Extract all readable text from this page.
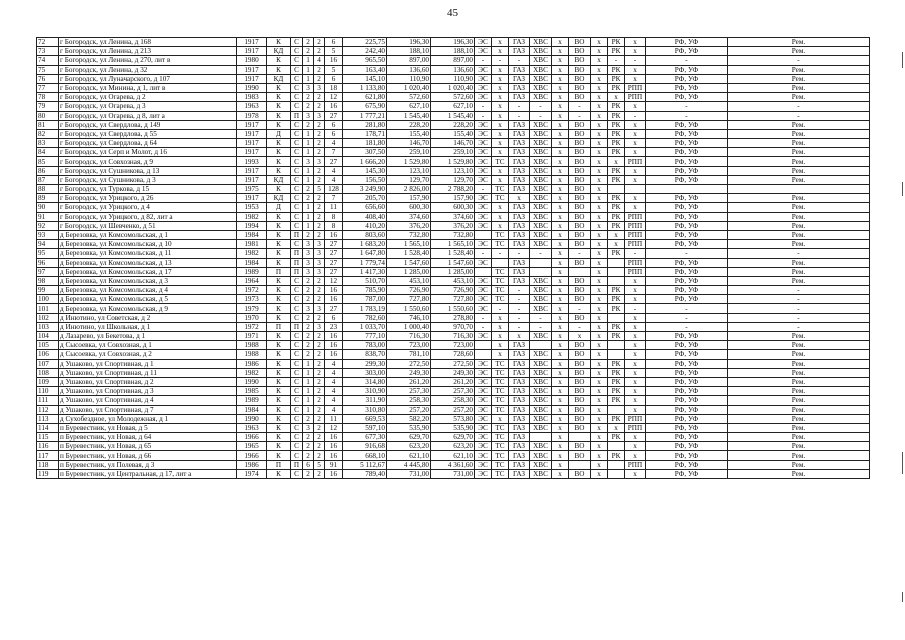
45
72	г Богородск, ул Ленина, д 168	1917	К	С	2	2	6	225,75	196,30	196,30	ЭС	х	ГАЗ	ХВС	х	ВО	х	РК	х	РФ, УФ	Рем.
73	г Богородск, ул Ленина, д 213	1917	КД	С	2	2	5	242,40	188,10	188,10	ЭС	х	ГАЗ	ХВС	х	ВО	х	РК	х	РФ, УФ	Рем.
74	г Богородск, ул Ленина, д 270, лит в	1980	К	С	1	4	16	965,50	897,00	897,00	-	-	-	ХВС	х	ВО	х	-	-	-	-
75	г Богородск, ул Ленина, д 32	1917	К	С	1	2	5	163,40	136,60	136,60	ЭС	х	ГАЗ	ХВС	х	ВО	х	РК	х	РФ, УФ	Рем.
76	г Богородск, ул Луначарского, д 107	1917	КД	С	1	2	6	145,10	110,90	110,90	ЭС	х	ГАЗ	ХВС	х	ВО	х	РК	х	РФ, УФ	Рем.
77	г Богородск, ул Минина, д 1, лит в	1990	К	С	3	3	18	1 133,80	1 020,40	1 020,40	ЭС	х	ГАЗ	ХВС	х	ВО	х	РК	РПП	РФ, УФ	Рем.
78	г Богородск, ул Огарева, д 2	1983	К	С	2	2	12	621,80	572,60	572,60	ЭС	х	ГАЗ	ХВС	х	ВО	х	х	РПП	РФ, УФ	Рем.
79	г Богородск, ул Огарева, д 3	1963	К	С	2	2	16	675,90	627,10	627,10	-	х	-	-	х	-	х	РК	х	-	-
80	г Богородск, ул Огарева, д 8, лит а	1978	К	П	3	3	27	1 777,21	1 545,40	1 545,40	-	х	-	-	х	-	х	РК	-	-	-
81	г Богородск, ул Свердлова, д 149	1917	К	С	2	2	6	281,80	228,20	228,20	ЭС	х	ГАЗ	ХВС	х	ВО	х	РК	х	РФ, УФ	Рем.
82	г Богородск, ул Свердлова, д 55	1917	Д	С	1	2	6	178,71	155,40	155,40	ЭС	х	ГАЗ	ХВС	х	ВО	х	РК	х	РФ, УФ	Рем.
83	г Богородск, ул Свердлова, д 64	1917	К	С	1	2	4	181,80	146,70	146,70	ЭС	х	ГАЗ	ХВС	х	ВО	х	РК	х	РФ, УФ	Рем.
84	г Богородск, ул Серп и Молот, д 16	1917	К	С	1	2	7	307,50	259,10	259,10	ЭС	х	ГАЗ	ХВС	х	ВО	х	РК	х	РФ, УФ	Рем.
85	г Богородск, ул Совхозная, д 9	1993	К	С	3	3	27	1 666,20	1 529,80	1 529,80	ЭС	ТС	ГАЗ	ХВС	х	ВО	х	х	РПП	РФ, УФ	Рем.
86	г Богородск, ул Сушникова, д 13	1917	К	С	1	2	4	145,30	123,10	123,10	ЭС	х	ГАЗ	ХВС	х	ВО	х	РК	х	РФ, УФ	Рем.
87	г Богородск, ул Сушникова, д 3	1917	КД	С	1	2	4	156,50	129,70	129,70	ЭС	х	ГАЗ	ХВС	х	ВО	х	РК	х	РФ, УФ	Рем.
88	г Богородск, ул Туркова, д 15	1975	К	С	2	5	128	3 249,90	2 826,00	2 788,20	-	ТС	ГАЗ	ХВС	х	ВО	х				
89	г Богородск, ул Урицкого, д 26	1917	КД	С	2	2	7	205,70	157,90	157,90	ЭС	ТС	х	ХВС	х	ВО	х	РК	х	РФ, УФ	Рем.
90	г Богородск, ул Урицкого, д 4	1953	Д	С	1	2	11	656,60	600,30	600,30	ЭС	х	ГАЗ	ХВС	х	ВО	х	РК	х	РФ, УФ	Рем.
91	г Богородск, ул Урицкого, д 82, лит а	1982	К	С	1	2	8	408,40	374,60	374,60	ЭС	х	ГАЗ	ХВС	х	ВО	х	РК	РПП	РФ, УФ	Рем.
92	г Богородск, ул Шевченко, д 51	1994	К	С	1	2	8	410,20	376,20	376,20	ЭС	х	ГАЗ	ХВС	х	ВО	х	РК	РПП	РФ, УФ	Рем.
93	д Березовка, ул Комсомольская, д 1	1984	К	П	2	2	16	803,60	732,80	732,80		ТС	ГАЗ	ХВС	х	ВО	х	х	РПП	РФ, УФ	Рем.
94	д Березовка, ул Комсомольская, д 10	1981	К	С	3	3	27	1 683,20	1 565,10	1 565,10	ЭС	ТС	ГАЗ	ХВС	х	ВО	х	х	РПП	РФ, УФ	Рем.
95	д Березовка, ул Комсомольская, д 11	1982	К	П	3	3	27	1 647,80	1 528,40	1 528,40	-	-	-	-	х	-	х	РК	-	-	-
96	д Березовка, ул Комсомольская, д 13	1984	К	П	3	3	27	1 779,74	1 547,60	1 547,60	ЭС		ГАЗ		х	ВО	х		РПП	РФ, УФ	Рем.
97	д Березовка, ул Комсомольская, д 17	1989	П	П	3	3	27	1 417,30	1 285,00	1 285,00		ТС	ГАЗ		х		х		РПП	РФ, УФ	Рем.
98	д Березовка, ул Комсомольская, д 3	1964	К	С	2	2	12	510,70	453,10	453,10	ЭС	ТС	ГАЗ	ХВС	х	ВО	х		х	РФ, УФ	Рем.
99	д Березовка, ул Комсомольская, д 4	1972	К	С	2	2	16	785,90	726,90	726,90	ЭС	ТС	-	ХВС	х	ВО	х	РК	х	РФ, УФ	-
100	д Березовка, ул Комсомольская, д 5	1973	К	С	2	2	16	787,00	727,80	727,80	ЭС	ТС	-	ХВС	х	ВО	х	РК	х	РФ, УФ	-
101	д Березовка, ул Комсомольская, д 9	1979	К	С	3	3	27	1 783,19	1 550,60	1 550,60	ЭС	-	-	ХВС	х	-	х	РК	-	-	-
102	д Инютино, ул Советская, д 2	1970	К	С	2	2	6	782,60	746,10	278,80	-	х	-	-	х	ВО	х		х	-	-
103	д Инютино, ул Школьная, д 1	1972	П	П	2	3	23	1 033,70	1 000,40	970,70	-	х	-	-	х	-	х	РК	х	-	-
104	д Лазарево, ул Бекетова, д 1	1971	К	С	2	2	16	777,10	716,30	716,30	ЭС	х	х	ХВС	х	х	х	РК	х	РФ, УФ	Рем.
105	д Сысоевка, ул Совхозная, д 1	1988	К	С	2	2	16	783,00	723,00	723,00		х	ГАЗ		х	ВО	х		х	РФ, УФ	Рем.
106	д Сысоевка, ул Совхозная, д 2	1988	К	С	2	2	16	838,70	781,10	728,60		х	ГАЗ	ХВС	х	ВО	х		х	РФ, УФ	Рем.
107	д Ушаково, ул Спортивная, д 1	1986	К	С	1	2	4	299,30	272,50	272,50	ЭС	ТС	ГАЗ	ХВС	х	ВО	х	РК	х	РФ, УФ	Рем.
108	д Ушаково, ул Спортивная, д 11	1982	К	С	1	2	4	303,00	249,30	249,30	ЭС	ТС	ГАЗ	ХВС	х	ВО	х	РК	х	РФ, УФ	Рем.
109	д Ушаково, ул Спортивная, д 2	1990	К	С	1	2	4	314,80	261,20	261,20	ЭС	ТС	ГАЗ	ХВС	х	ВО	х	РК	х	РФ, УФ	Рем.
110	д Ушаково, ул Спортивная, д 3	1985	К	С	1	2	4	310,90	257,30	257,30	ЭС	ТС	ГАЗ	ХВС	х	ВО	х	РК	х	РФ, УФ	Рем.
111	д Ушаково, ул Спортивная, д 4	1989	К	С	1	2	4	311,90	258,30	258,30	ЭС	ТС	ГАЗ	ХВС	х	ВО	х	РК	х	РФ, УФ	Рем.
112	д Ушаково, ул Спортивная, д 7	1984	К	С	1	2	4	310,80	257,20	257,20	ЭС	ТС	ГАЗ	ХВС	х	ВО	х		х	РФ, УФ	Рем.
113	д Сухобездное, ул Молодежная, д 1	1990	К	С	2	2	11	669,53	582,20	573,80	ЭС	х	ГАЗ	ХВС	х	ВО	х	РК	РПП	РФ, УФ	Рем.
114	п Буревестник, ул Новая, д 5	1963	К	С	3	2	12	597,10	535,90	535,90	ЭС	ТС	ГАЗ	ХВС	х	ВО	х	х	РПП	РФ, УФ	Рем.
115	п Буревестник, ул Новая, д 64	1966	К	С	2	2	16	677,30	629,70	629,70	ЭС	ТС	ГАЗ		х		х	РК	х	РФ, УФ	Рем.
116	п Буревестник, ул Новая, д 65	1965	К	С	2	2	16	916,68	623,20	623,20	ЭС	ТС	ГАЗ	ХВС	х	ВО	х		х	РФ, УФ	Рем.
117	п Буревестник, ул Новая, д 66	1966	К	С	2	2	16	668,10	621,10	621,10	ЭС	ТС	ГАЗ	ХВС	х	ВО	х	РК	х	РФ, УФ	Рем.
118	п Буревестник, ул Полевая, д 3	1986	П	П	6	5	91	5 112,67	4 445,80	4 361,60	ЭС	ТС	ГАЗ	ХВС	х		х		РПП	РФ, УФ	Рем.
119	п Буревестник, ул Центральная, д 17, лит а	1974	К	С	2	2	16	789,40	731,00	731,00	ЭС	ТС	ГАЗ	ХВС	х	ВО	х		х	РФ, УФ	Рем.
